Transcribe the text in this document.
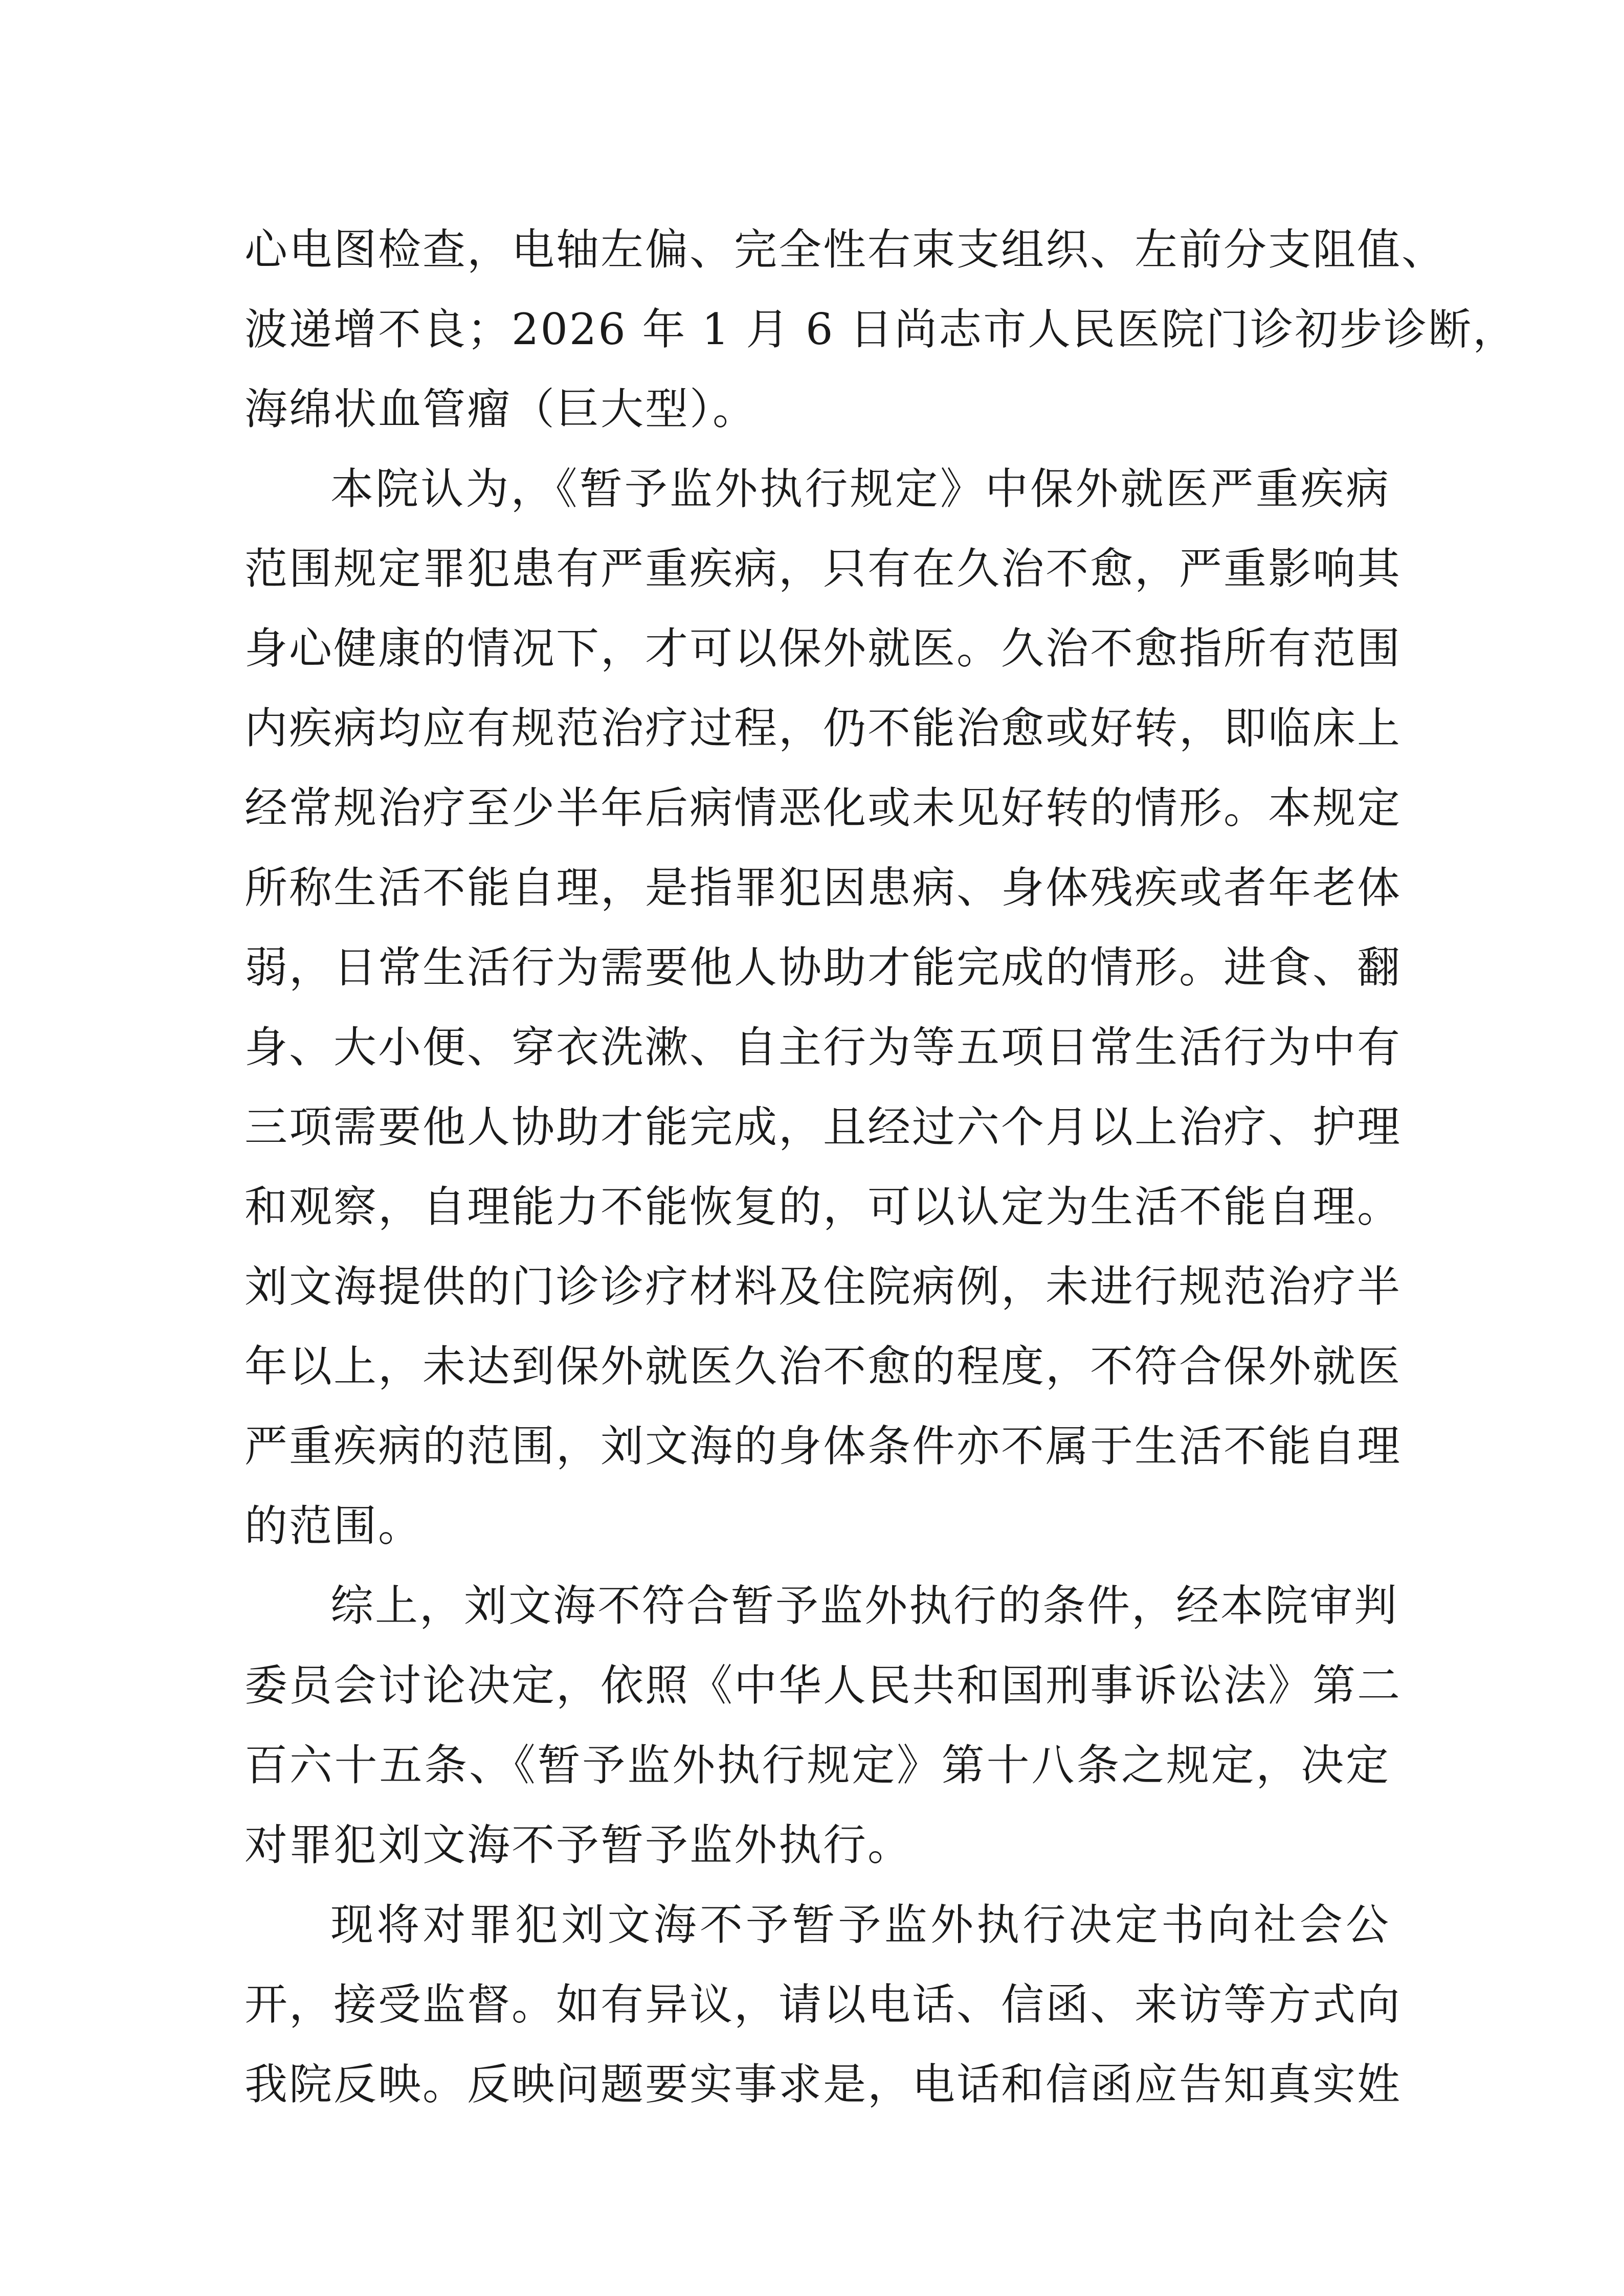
心电图检查，电轴左偏、完全性右束支组织、左前分支阻值、
波递增不良；2026 年 1 月 6 日尚志市人民医院门诊初步诊断，
海绵状血管瘤（巨大型）。
本院认为，《暂予监外执行规定》中保外就医严重疾病
范围规定罪犯患有严重疾病，只有在久治不愈，严重影响其
身心健康的情况下，才可以保外就医。久治不愈指所有范围
内疾病均应有规范治疗过程，仍不能治愈或好转，即临床上
经常规治疗至少半年后病情恶化或未见好转的情形。本规定
所称生活不能自理，是指罪犯因患病、身体残疾或者年老体
弱，日常生活行为需要他人协助才能完成的情形。进食、翻
身、大小便、穿衣洗漱、自主行为等五项日常生活行为中有
三项需要他人协助才能完成，且经过六个月以上治疗、护理
和观察，自理能力不能恢复的，可以认定为生活不能自理。
刘文海提供的门诊诊疗材料及住院病例，未进行规范治疗半
年以上，未达到保外就医久治不愈的程度，不符合保外就医
严重疾病的范围，刘文海的身体条件亦不属于生活不能自理
的范围。
综上，刘文海不符合暂予监外执行的条件，经本院审判
委员会讨论决定，依照《中华人民共和国刑事诉讼法》第二
百六十五条、《暂予监外执行规定》第十八条之规定，决定
对罪犯刘文海不予暂予监外执行。
现将对罪犯刘文海不予暂予监外执行决定书向社会公
开，接受监督。如有异议，请以电话、信函、来访等方式向
我院反映。反映问题要实事求是，电话和信函应告知真实姓
